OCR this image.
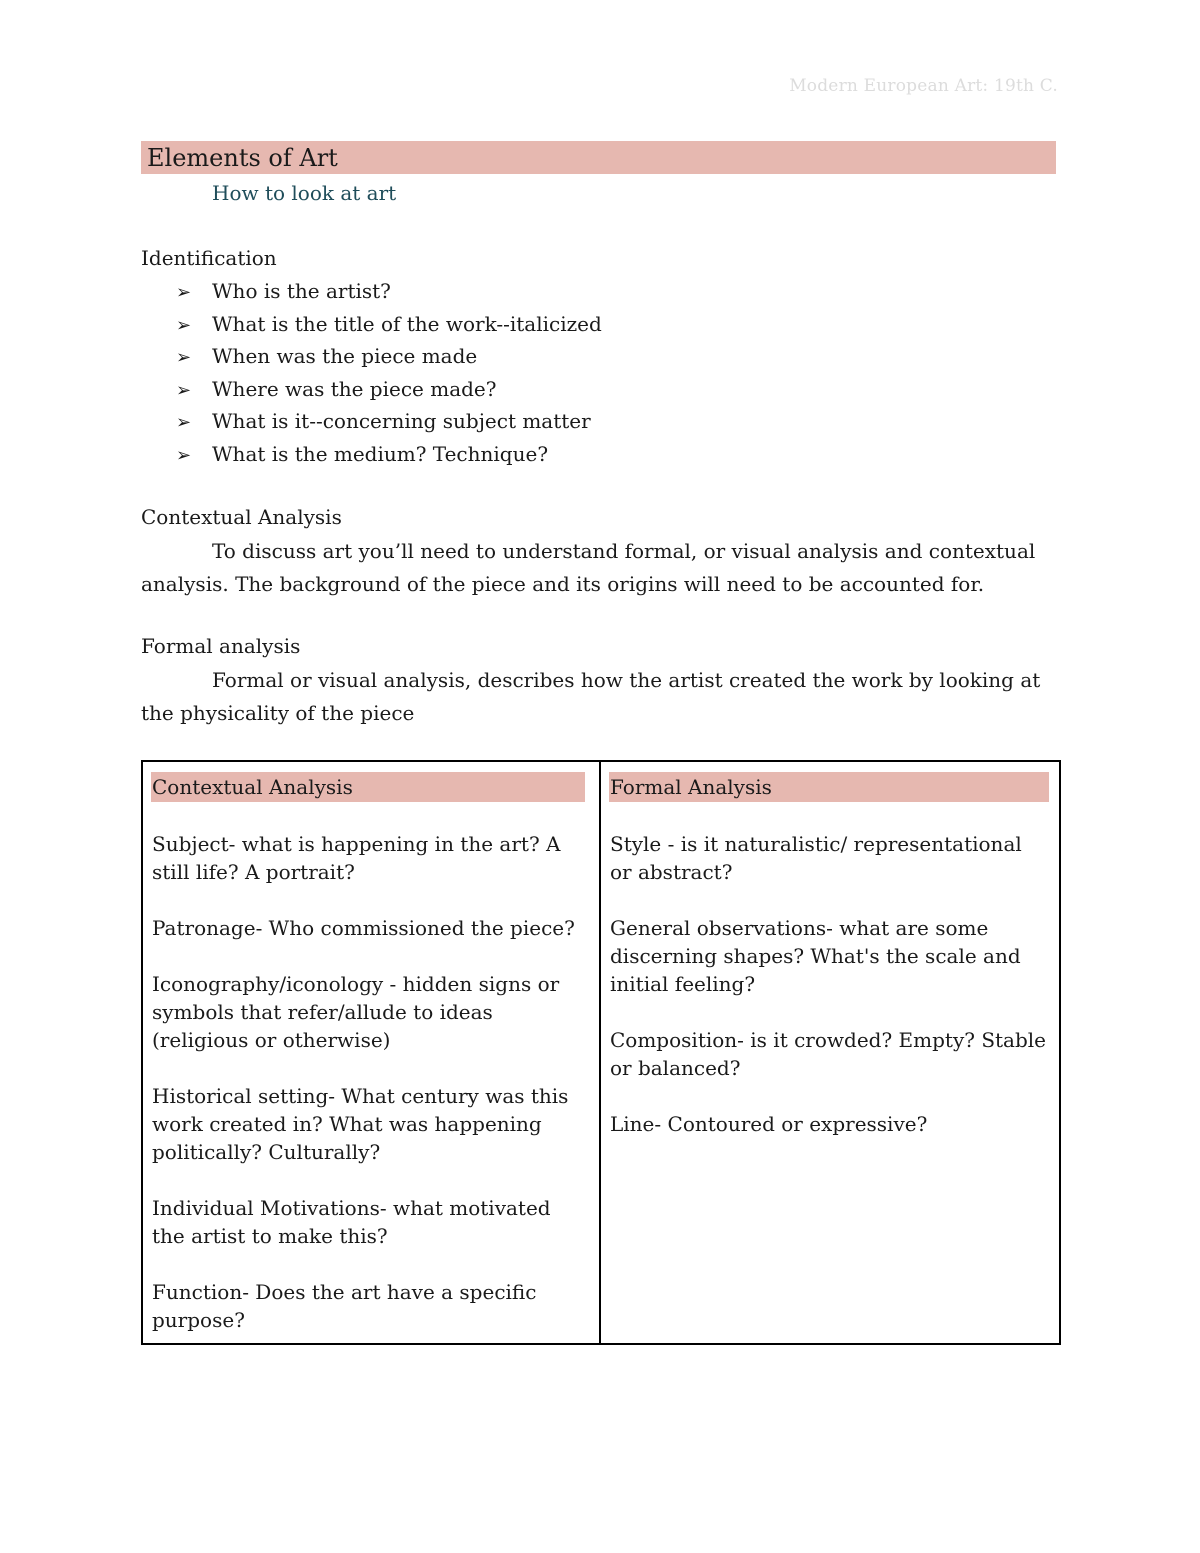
Modern European Art: 19th C.
Elements of Art
How to look at art
Identification
➢ Who is the artist?
➢ What is the title of the work--italicized
➢ When was the piece made
➢ Where was the piece made?
➢ What is it--concerning subject matter
➢ What is the medium? Technique?
Contextual Analysis

To discuss art you’ll need to understand formal, or visual analysis and contextual analysis. The background of the piece and its origins will need to be accounted for.

Formal analysis

Formal or visual analysis, describes how the artist created the work by looking at the physicality of the piece

Contextual Analysis

Subject- what is happening in the art? A still life? A portrait?

Patronage- Who commissioned the piece?

Iconography/iconology - hidden signs or symbols that refer/allude to ideas (religious or otherwise)

Historical setting- What century was this work created in? What was happening politically? Culturally?

Individual Motivations- what motivated the artist to make this?

Function- Does the art have a specific purpose?

Formal Analysis

Style - is it naturalistic/ representational or abstract?

General observations- what are some discerning shapes? What's the scale and initial feeling?

Composition- is it crowded? Empty? Stable or balanced?

Line- Contoured or expressive?
